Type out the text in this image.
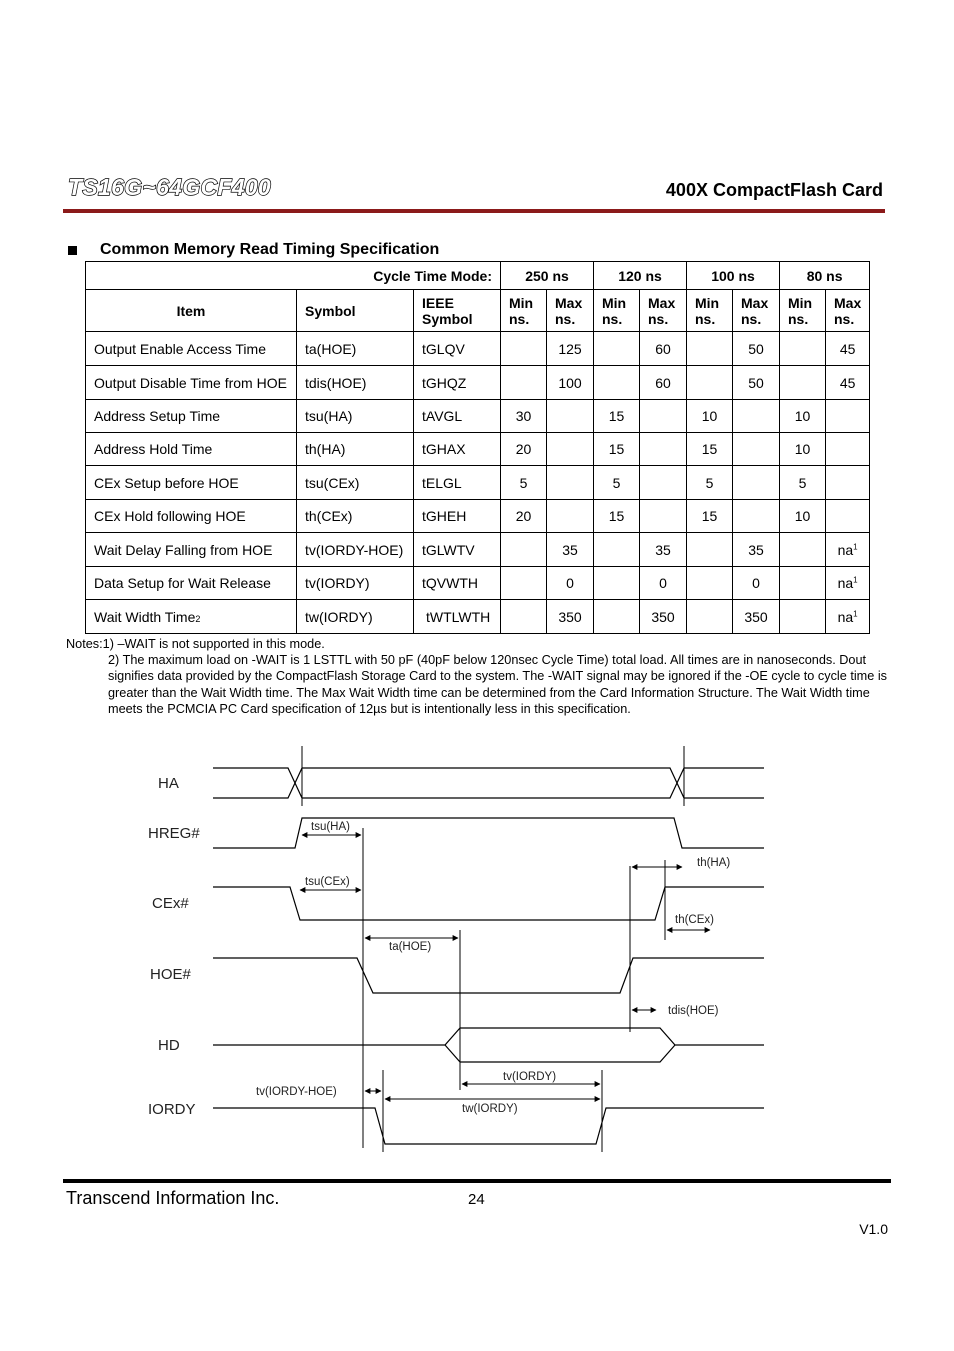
TS16G~64GCF400	400X CompactFlash Card
Common Memory Read Timing Specification
Cycle Time Mode:			250 ns		120 ns		100 ns		80 ns	
Item	Symbol	IEEE Symbol	Min ns.	Max ns.	Min ns.	Max ns.	Min ns.	Max ns.	Min ns.	Max ns.
Output Enable Access Time	ta(HOE)	tGLQV		125		60		50		45
Output Disable Time from HOE	tdis(HOE)	tGHQZ		100		60		50		45
Address Setup Time	tsu(HA)	tAVGL	30		15		10		10	
Address Hold Time	th(HA)	tGHAX	20		15		15		10	
CEx Setup before HOE	tsu(CEx)	tELGL	5		5		5		5	
CEx Hold following HOE	th(CEx)	tGHEH	20		15		15		10	
Wait Delay Falling from HOE	tv(IORDY-HOE)	tGLWTV		35		35		35		$na^1$
Data Setup for Wait Release	tv(IORDY)	tQVWTH		0		0		0		$na^1$
Wait Width Time2	tw(IORDY)	tWTLWTH		350		350		350		$na^1$

Notes:1) –WAIT is not supported in this mode.

2) The maximum load on -WAIT is 1 LSTTL with 50 pF (40pF below 120nsec Cycle Time) total load. All times are in nanoseconds. Dout signifies data provided by the CompactFlash Storage Card to the system. The -WAIT signal may be ignored if the -OE cycle to cycle time is greater than the Wait Width time. The Max Wait Width time can be determined from the Card Information Structure. The Wait Width time meets the PCMCIA PC Card specification of 12µs but is intentionally less in this specification.

HA
HREG#
CEx#
HOE#
HD
IORDY
tsu(HA)
th(HA)
tsu(CEx)
th(CEx)
ta(HOE)
tdis(HOE)
tv(IORDY)
tv(IORDY-HOE)
tw(IORDY)
Transcend Information Inc.	24
V1.0
